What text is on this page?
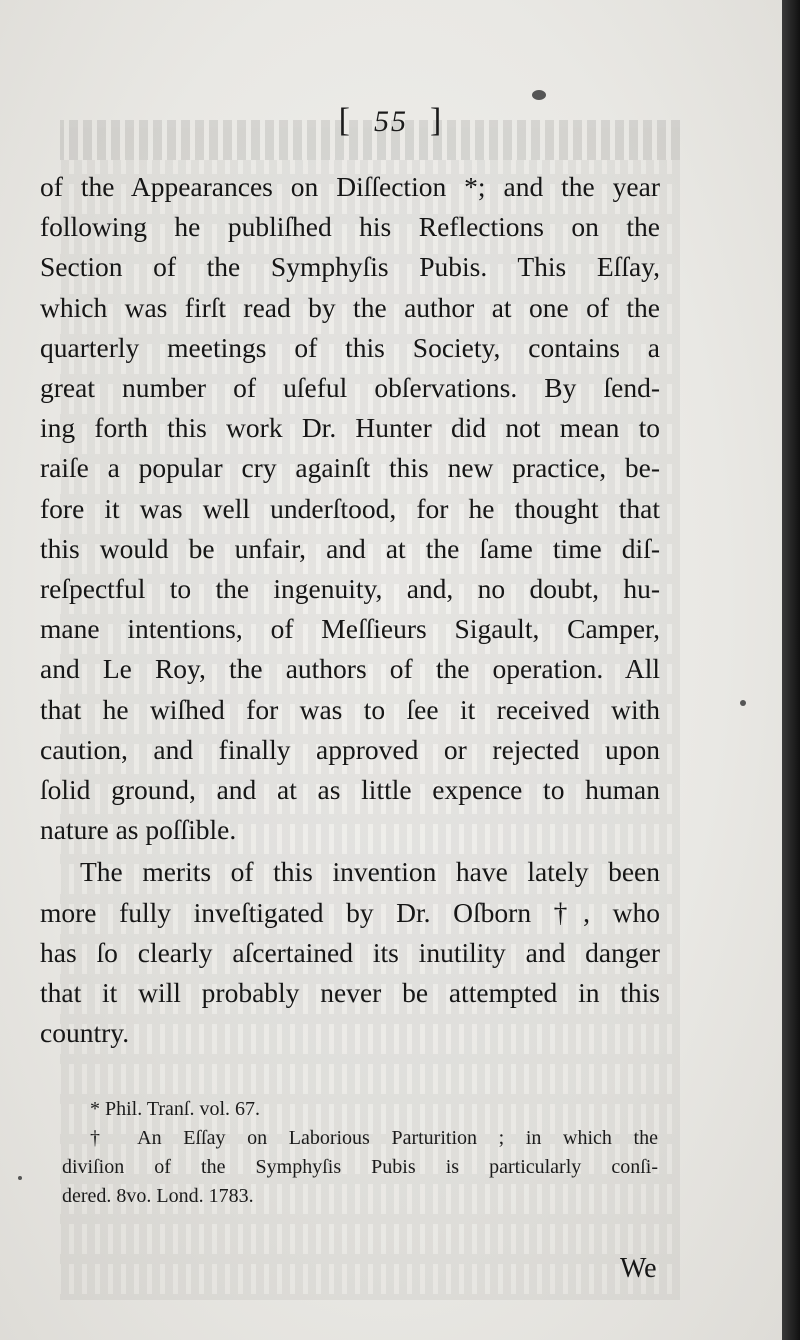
[ 55 ]
of the Appearances on Diſſection *; and the year
following he publiſhed his Reflections on the
Section of the Symphyſis Pubis. This Eſſay,
which was firſt read by the author at one of the
quarterly meetings of this Society, contains a
great number of uſeful obſervations. By ſend-
ing forth this work Dr. Hunter did not mean to
raiſe a popular cry againſt this new practice, be-
fore it was well underſtood, for he thought that
this would be unfair, and at the ſame time diſ-
reſpectful to the ingenuity, and, no doubt, hu-
mane intentions, of Meſſieurs Sigault, Camper,
and Le Roy, the authors of the operation. All
that he wiſhed for was to ſee it received with
caution, and finally approved or rejected upon
ſolid ground, and at as little expence to human
nature as poſſible.
The merits of this invention have lately been
more fully inveſtigated by Dr. Oſborn †, who
has ſo clearly aſcertained its inutility and danger
that it will probably never be attempted in this
country.
* Phil. Tranſ. vol. 67.
† An Eſſay on Laborious Parturition ; in which the
diviſion of the Symphyſis Pubis is particularly conſi-
dered. 8vo. Lond. 1783.
We
